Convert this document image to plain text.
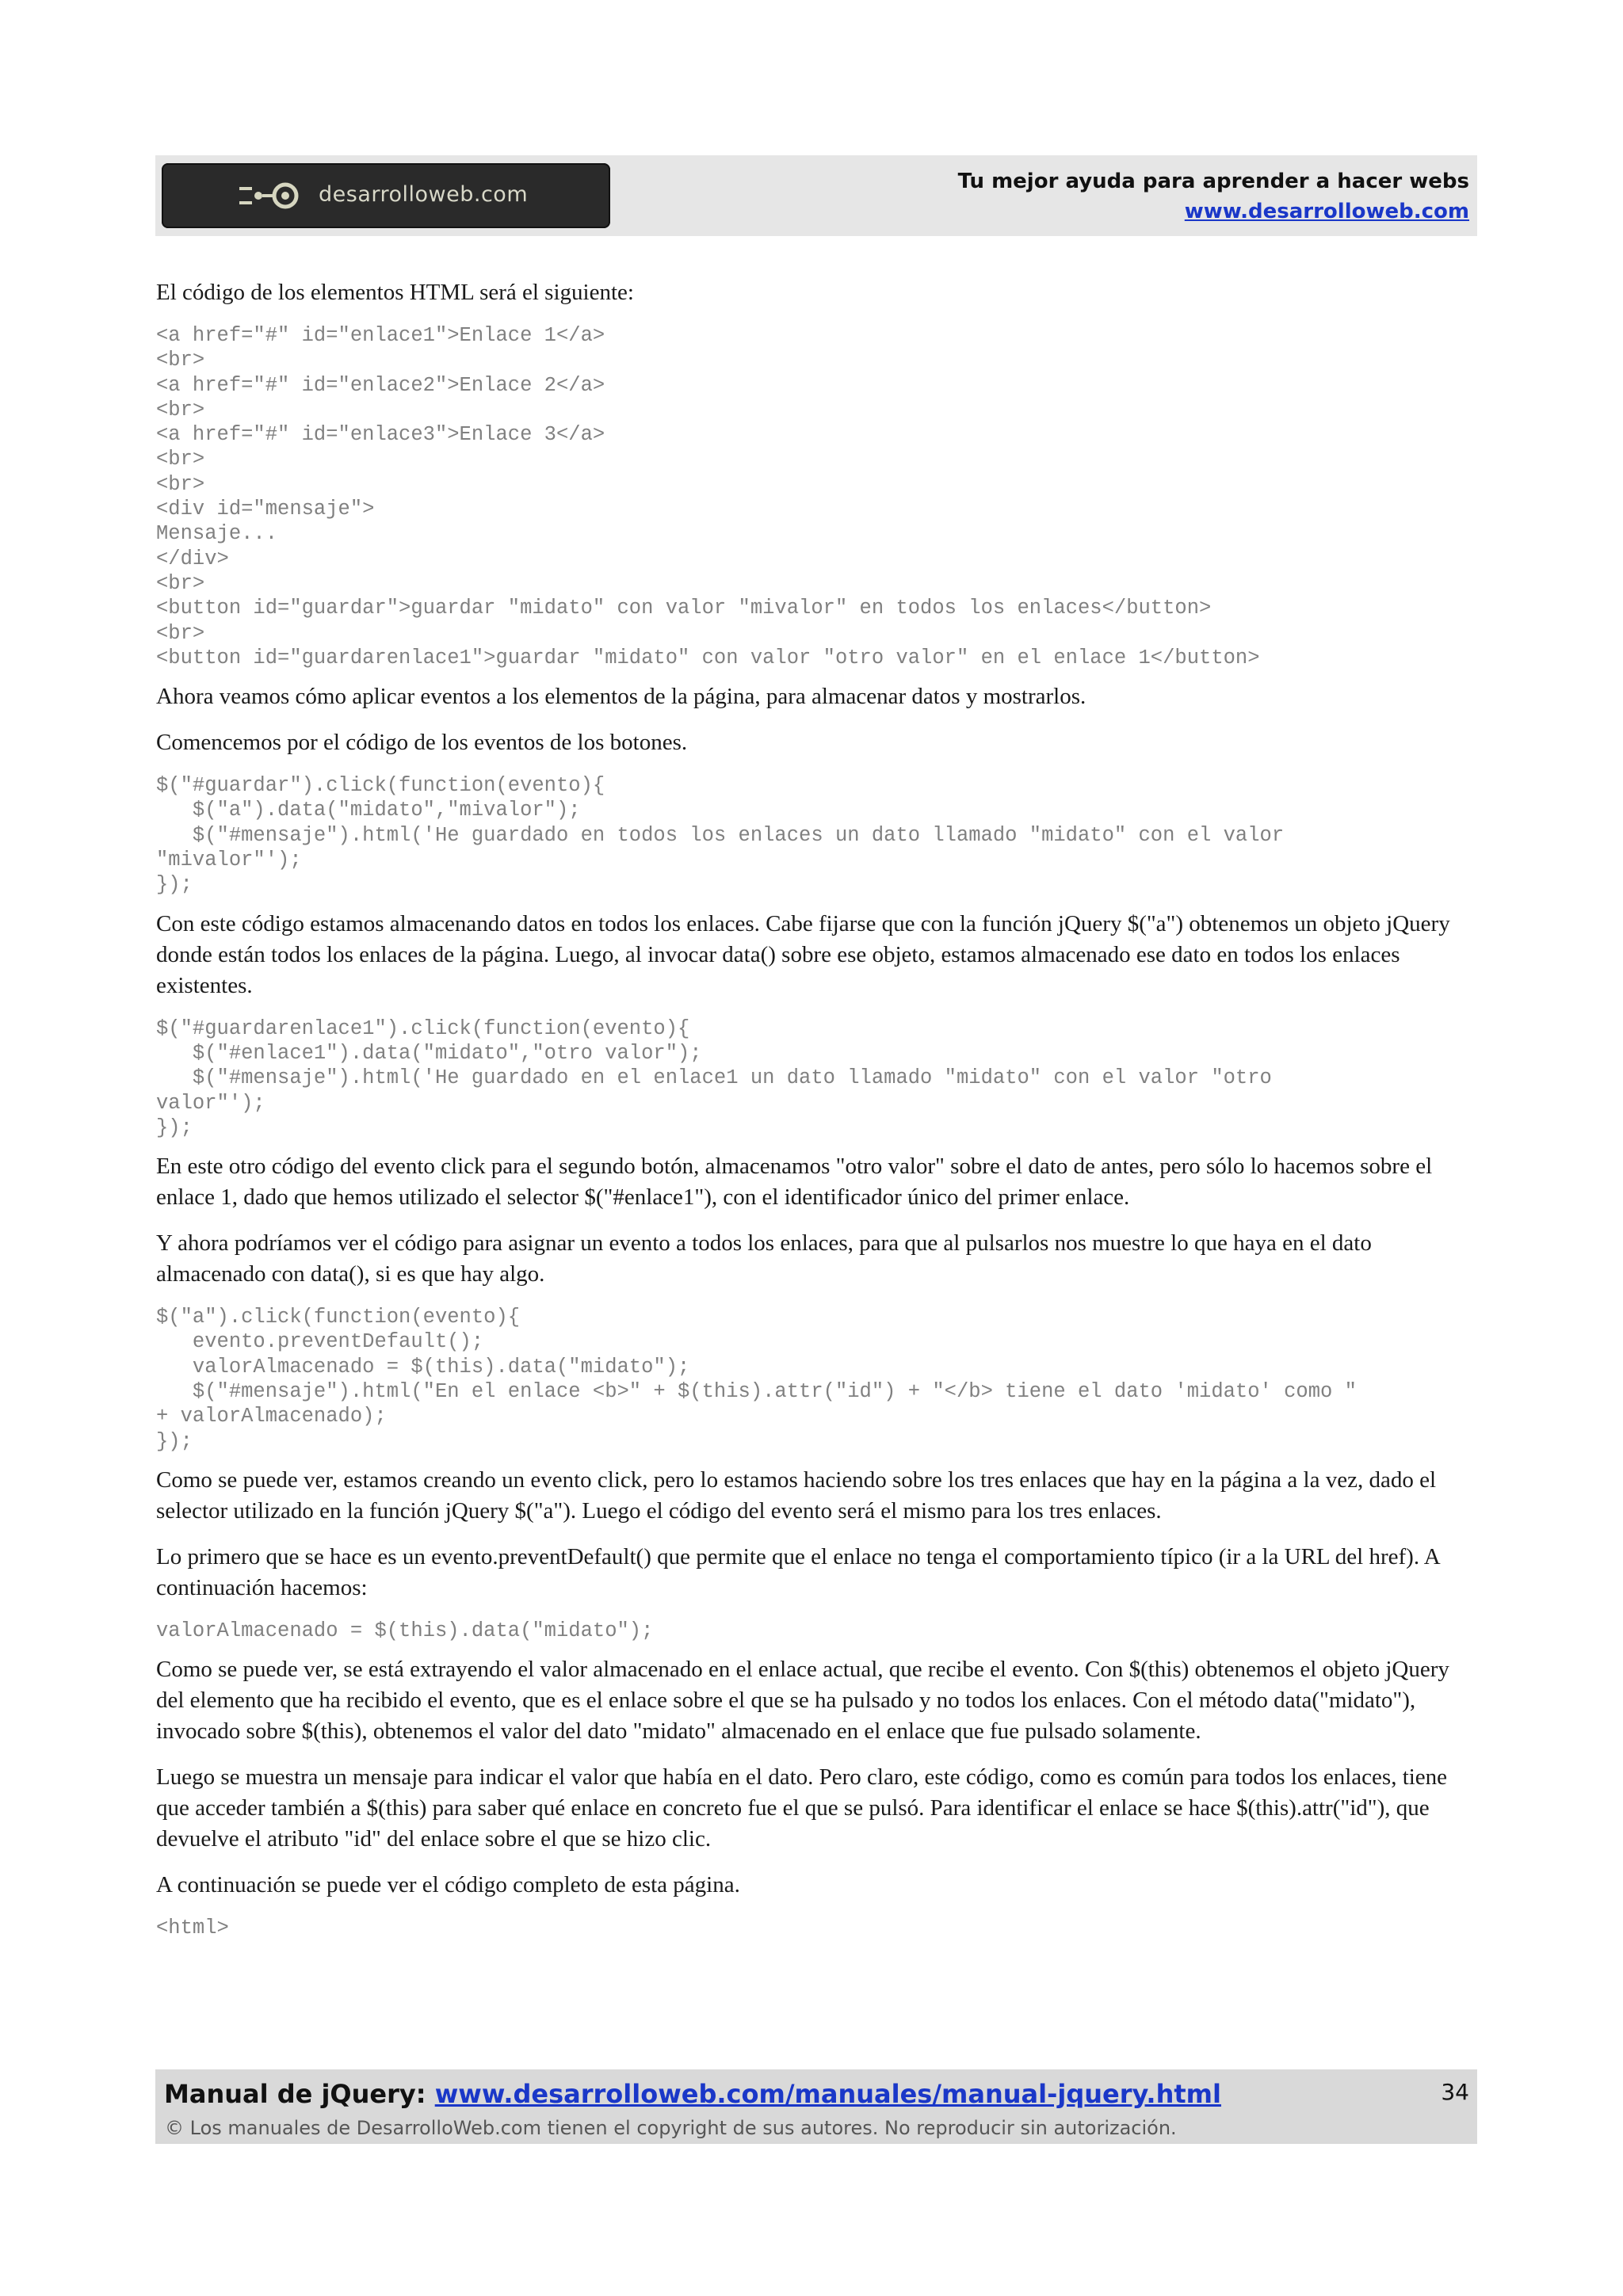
desarrolloweb.com
Tu mejor ayuda para aprender a hacer webs
www.desarrolloweb.com

El código de los elementos HTML será el siguiente:

<a href="#" id="enlace1">Enlace 1</a>
<br>
<a href="#" id="enlace2">Enlace 2</a>
<br>
<a href="#" id="enlace3">Enlace 3</a>
<br>
<br>
<div id="mensaje">
Mensaje...
</div>
<br>
<button id="guardar">guardar "midato" con valor "mivalor" en todos los enlaces</button>
<br>
<button id="guardarenlace1">guardar "midato" con valor "otro valor" en el enlace 1</button>

Ahora veamos cómo aplicar eventos a los elementos de la página, para almacenar datos y mostrarlos.

Comencemos por el código de los eventos de los botones.

$("#guardar").click(function(evento){
$("a").data("midato","mivalor");
$("#mensaje").html('He guardado en todos los enlaces un dato llamado "midato" con el valor
"mivalor"');
});

Con este código estamos almacenando datos en todos los enlaces. Cabe fijarse que con la función jQuery $("a") obtenemos un objeto jQuery donde están todos los enlaces de la página. Luego, al invocar data() sobre ese objeto, estamos almacenado ese dato en todos los enlaces existentes.

$("#guardarenlace1").click(function(evento){
$("#enlace1").data("midato","otro valor");
$("#mensaje").html('He guardado en el enlace1 un dato llamado "midato" con el valor "otro
valor"');
});

En este otro código del evento click para el segundo botón, almacenamos "otro valor" sobre el dato de antes, pero sólo lo hacemos sobre el enlace 1, dado que hemos utilizado el selector $("#enlace1"), con el identificador único del primer enlace.

Y ahora podríamos ver el código para asignar un evento a todos los enlaces, para que al pulsarlos nos muestre lo que haya en el dato almacenado con data(), si es que hay algo.

$("a").click(function(evento){
evento.preventDefault();
valorAlmacenado = $(this).data("midato");
$("#mensaje").html("En el enlace <b>" + $(this).attr("id") + "</b> tiene el dato 'midato' como "
+ valorAlmacenado);
});

Como se puede ver, estamos creando un evento click, pero lo estamos haciendo sobre los tres enlaces que hay en la página a la vez, dado el selector utilizado en la función jQuery $("a"). Luego el código del evento será el mismo para los tres enlaces.

Lo primero que se hace es un evento.preventDefault() que permite que el enlace no tenga el comportamiento típico (ir a la URL del href). A continuación hacemos:

valorAlmacenado = $(this).data("midato");

Como se puede ver, se está extrayendo el valor almacenado en el enlace actual, que recibe el evento. Con $(this) obtenemos el objeto jQuery del elemento que ha recibido el evento, que es el enlace sobre el que se ha pulsado y no todos los enlaces. Con el método data("midato"), invocado sobre $(this), obtenemos el valor del dato "midato" almacenado en el enlace que fue pulsado solamente.

Luego se muestra un mensaje para indicar el valor que había en el dato. Pero claro, este código, como es común para todos los enlaces, tiene que acceder también a $(this) para saber qué enlace en concreto fue el que se pulsó. Para identificar el enlace se hace $(this).attr("id"), que devuelve el atributo "id" del enlace sobre el que se hizo clic.

A continuación se puede ver el código completo de esta página.

<html>
Manual de jQuery: www.desarrolloweb.com/manuales/manual-jquery.html	34
© Los manuales de DesarrolloWeb.com tienen el copyright de sus autores. No reproducir sin autorización.
